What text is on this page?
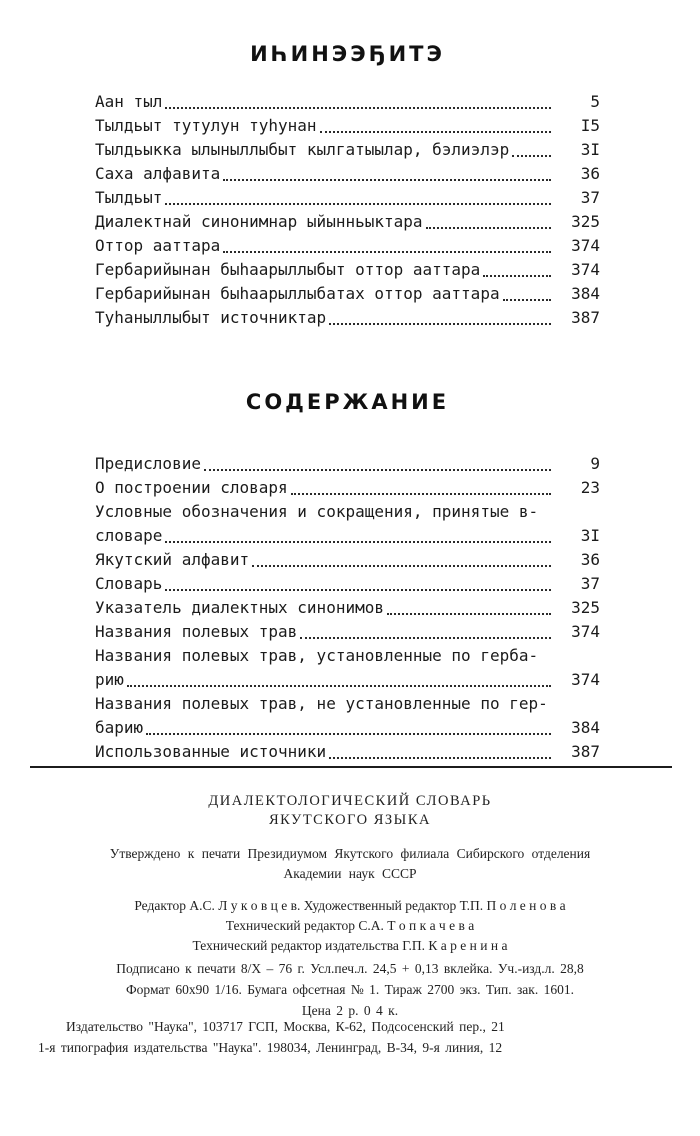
ИҺИНЭЭҔИТЭ
Аан тыл	5
Тылдьыт тутулун туһунан	I5
Тылдьыкка ылыныллыбыт кылгатыылар, бэлиэлэр	3I
Саха алфавита	36
Тылдьыт	37
Диалектнай синонимнар ыйынньыктара	325
Оттор ааттара	374
Гербарийынан быһаарыллыбыт оттор ааттара	374
Гербарийынан быһаарыллыбатах оттор ааттара	384
Туһаныллыбыт источниктар	387
СОДЕРЖАНИЕ
Предисловие	9
О построении словаря	23
Условные обозначения и сокращения, принятые в-
словаре	3I
Якутский алфавит	36
Словарь	37
Указатель диалектных синонимов	325
Названия полевых трав	374
Названия полевых трав, установленные по герба-
рию	374
Названия полевых трав, не установленные по гер-
барию	384
Использованные источники	387
ДИАЛЕКТОЛОГИЧЕСКИЙ СЛОВАРЬ
ЯКУТСКОГО ЯЗЫКА
Утверждено к печати Президиумом Якутского филиала Сибирского отделения
Академии наук СССР
Редактор А.С. Л у к о в ц е в. Художественный редактор Т.П. П о л е н о в а
Технический редактор С.А. Т о п к а ч е в а
Технический редактор издательства Г.П. К а р е н и н а
Подписано к печати 8/X – 76 г. Усл.печ.л. 24,5 + 0,13 вклейка. Уч.-изд.л. 28,8
Формат 60х90 1/16. Бумага офсетная № 1. Тираж 2700 экз. Тип. зак. 1601.
Цена 2 р. 0 4 к.
Издательство "Наука", 103717 ГСП, Москва, К-62, Подсосенский пер., 21
1-я типография издательства "Наука". 198034, Ленинград, В-34, 9-я линия, 12
